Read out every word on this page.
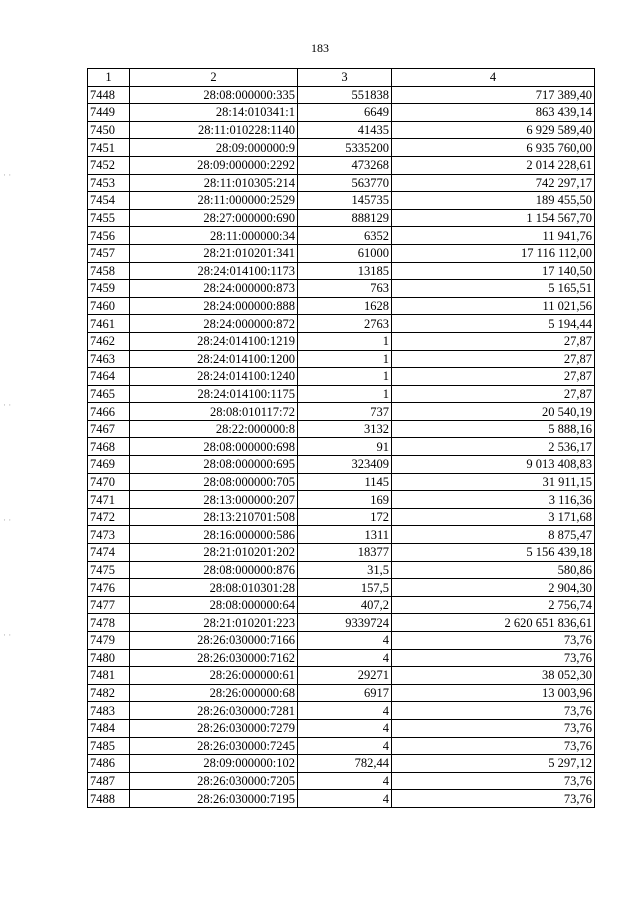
183
1	2	3	4
7448	28:08:000000:335	551838	717 389,40
7449	28:14:010341:1	6649	863 439,14
7450	28:11:010228:1140	41435	6 929 589,40
7451	28:09:000000:9	5335200	6 935 760,00
7452	28:09:000000:2292	473268	2 014 228,61
7453	28:11:010305:214	563770	742 297,17
7454	28:11:000000:2529	145735	189 455,50
7455	28:27:000000:690	888129	1 154 567,70
7456	28:11:000000:34	6352	11 941,76
7457	28:21:010201:341	61000	17 116 112,00
7458	28:24:014100:1173	13185	17 140,50
7459	28:24:000000:873	763	5 165,51
7460	28:24:000000:888	1628	11 021,56
7461	28:24:000000:872	2763	5 194,44
7462	28:24:014100:1219	1	27,87
7463	28:24:014100:1200	1	27,87
7464	28:24:014100:1240	1	27,87
7465	28:24:014100:1175	1	27,87
7466	28:08:010117:72	737	20 540,19
7467	28:22:000000:8	3132	5 888,16
7468	28:08:000000:698	91	2 536,17
7469	28:08:000000:695	323409	9 013 408,83
7470	28:08:000000:705	1145	31 911,15
7471	28:13:000000:207	169	3 116,36
7472	28:13:210701:508	172	3 171,68
7473	28:16:000000:586	1311	8 875,47
7474	28:21:010201:202	18377	5 156 439,18
7475	28:08:000000:876	31,5	580,86
7476	28:08:010301:28	157,5	2 904,30
7477	28:08:000000:64	407,2	2 756,74
7478	28:21:010201:223	9339724	2 620 651 836,61
7479	28:26:030000:7166	4	73,76
7480	28:26:030000:7162	4	73,76
7481	28:26:000000:61	29271	38 052,30
7482	28:26:000000:68	6917	13 003,96
7483	28:26:030000:7281	4	73,76
7484	28:26:030000:7279	4	73,76
7485	28:26:030000:7245	4	73,76
7486	28:09:000000:102	782,44	5 297,12
7487	28:26:030000:7205	4	73,76
7488	28:26:030000:7195	4	73,76
· ·
· ·
· ·
· ·
